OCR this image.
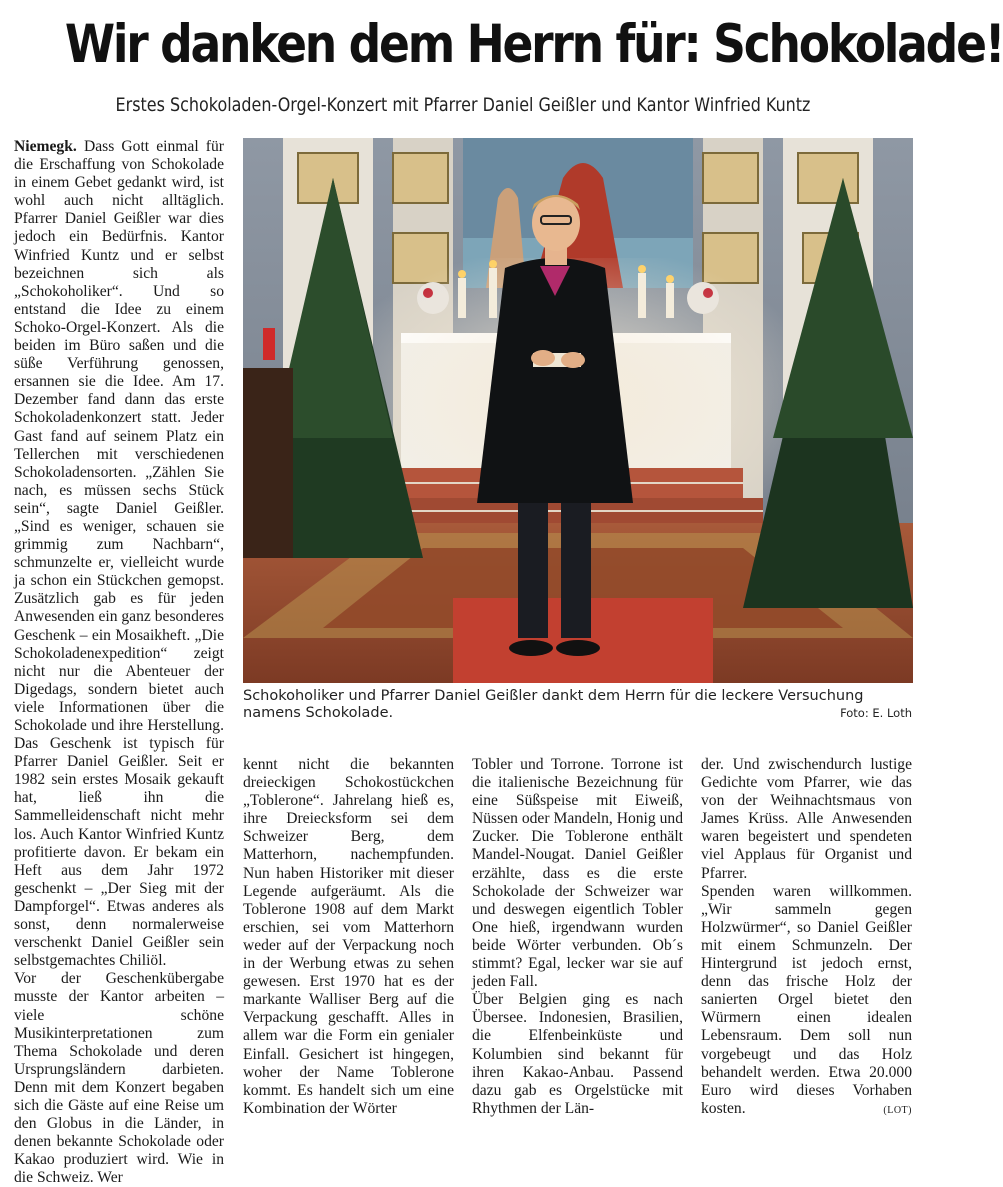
Wir danken dem Herrn für: Schokolade!
Erstes Schokoladen-Orgel-Konzert mit Pfarrer Daniel Geißler und Kantor Winfried Kuntz

Niemegk. Dass Gott einmal für die Erschaffung von Schokolade in einem Gebet gedankt wird, ist wohl auch nicht alltäglich. Pfarrer Daniel Geißler war dies jedoch ein Bedürfnis. Kantor Winfried Kuntz und er selbst bezeichnen sich als „Schokoholiker“. Und so entstand die Idee zu einem Schoko-Orgel-Konzert. Als die beiden im Büro saßen und die süße Verführung genossen, ersannen sie die Idee. Am 17. Dezember fand dann das erste Schokoladenkonzert statt. Jeder Gast fand auf seinem Platz ein Tellerchen mit verschiedenen Schokoladensorten. „Zählen Sie nach, es müssen sechs Stück sein“, sagte Daniel Geißler. „Sind es weniger, schauen sie grimmig zum Nachbarn“, schmunzelte er, vielleicht wurde ja schon ein Stückchen gemopst. Zusätzlich gab es für jeden Anwesenden ein ganz besonderes Geschenk – ein Mosaikheft. „Die Schokoladenexpedition“ zeigt nicht nur die Abenteuer der Digedags, sondern bietet auch viele Informationen über die Schokolade und ihre Herstellung. Das Geschenk ist typisch für Pfarrer Daniel Geißler. Seit er 1982 sein erstes Mosaik gekauft hat, ließ ihn die Sammelleidenschaft nicht mehr los. Auch Kantor Winfried Kuntz profitierte davon. Er bekam ein Heft aus dem Jahr 1972 geschenkt – „Der Sieg mit der Dampforgel“. Etwas anderes als sonst, denn normalerweise verschenkt Daniel Geißler sein selbstgemachtes Chiliöl.

Vor der Geschenkübergabe musste der Kantor arbeiten – viele schöne Musikinterpretationen zum Thema Schokolade und deren Ursprungsländern darbieten. Denn mit dem Konzert begaben sich die Gäste auf eine Reise um den Globus in die Länder, in denen bekannte Schokolade oder Kakao produziert wird. Wie in die Schweiz. Wer

Schokoholiker und Pfarrer Daniel Geißler dankt dem Herrn für die leckere Versuchung namens Schokolade.	Foto: E. Loth

kennt nicht die bekannten dreieckigen Schokostückchen „Toblerone“. Jahrelang hieß es, ihre Dreiecksform sei dem Schweizer Berg, dem Matterhorn, nachempfunden. Nun haben Historiker mit dieser Legende aufgeräumt. Als die Toblerone 1908 auf dem Markt erschien, sei vom Matterhorn weder auf der Verpackung noch in der Werbung etwas zu sehen gewesen. Erst 1970 hat es der markante Walliser Berg auf die Verpackung geschafft. Alles in allem war die Form ein genialer Einfall. Gesichert ist hingegen, woher der Name Toblerone kommt. Es handelt sich um eine Kombination der Wörter

Tobler und Torrone. Torrone ist die italienische Bezeichnung für eine Süßspeise mit Eiweiß, Nüssen oder Mandeln, Honig und Zucker. Die Toblerone enthält Mandel-Nougat. Daniel Geißler erzählte, dass es die erste Schokolade der Schweizer war und deswegen eigentlich Tobler One hieß, irgendwann wurden beide Wörter verbunden. Ob´s stimmt? Egal, lecker war sie auf jeden Fall.

Über Belgien ging es nach Übersee. Indonesien, Brasilien, die Elfenbeinküste und Kolumbien sind bekannt für ihren Kakao-Anbau. Passend dazu gab es Orgelstücke mit Rhythmen der Län-

der. Und zwischendurch lustige Gedichte vom Pfarrer, wie das von der Weihnachtsmaus von James Krüss. Alle Anwesenden waren begeistert und spendeten viel Applaus für Organist und Pfarrer.

Spenden waren willkommen. „Wir sammeln gegen Holzwürmer“, so Daniel Geißler mit einem Schmunzeln. Der Hintergrund ist jedoch ernst, denn das frische Holz der sanierten Orgel bietet den Würmern einen idealen Lebensraum. Dem soll nun vorgebeugt und das Holz behandelt werden. Etwa 20.000 Euro wird dieses Vorhaben kosten.	(LOT)
